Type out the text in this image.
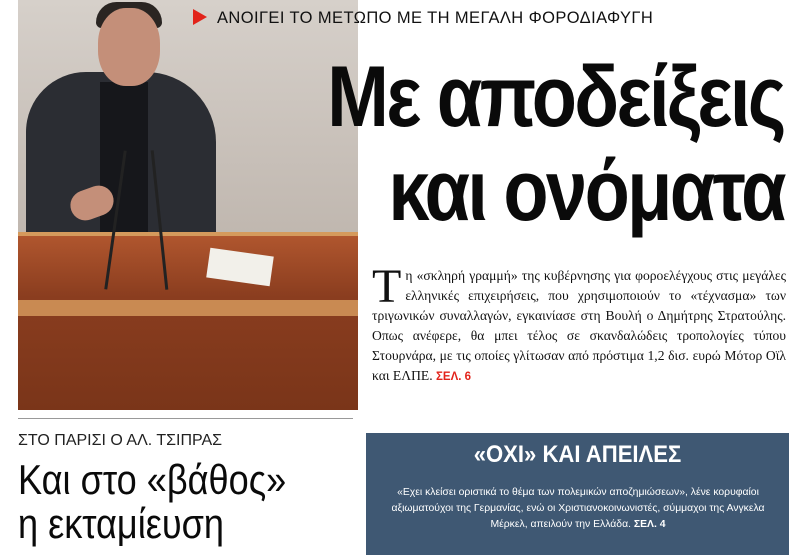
ΑΝΟΙΓΕΙ ΤΟ ΜΕΤΩΠΟ ΜΕ ΤΗ ΜΕΓΑΛΗ ΦΟΡΟΔΙΑΦΥΓΗ
Με αποδείξεις
και ονόματα
Τη «σκληρή γραμμή» της κυβέρνησης για φοροελέγχους στις μεγάλες ελληνικές επιχειρήσεις, που χρησιμοποιούν το «τέχνασμα» των τριγωνικών συναλλαγών, εγκαινίασε στη Βουλή ο Δημήτρης Στρατούλης. Οπως ανέφερε, θα μπει τέλος σε σκανδαλώδεις τροπολογίες τύπου Στουρνάρα, με τις οποίες γλίτωσαν από πρόστιμα 1,2 δισ. ευρώ Μότορ Οϊλ και ΕΛΠΕ. ΣΕΛ. 6
ΣΤΟ ΠΑΡΙΣΙ Ο ΑΛ. ΤΣΙΠΡΑΣ
Και στο «βάθος»
η εκταμίευση
«ΟΧΙ» ΚΑΙ ΑΠΕΙΛΕΣ
«Εχει κλείσει οριστικά το θέμα των πολεμικών αποζημιώσεων», λένε κορυφαίοι αξιωματούχοι της Γερμανίας, ενώ οι Χριστιανοκοινωνιστές, σύμμαχοι της Ανγκελα Μέρκελ, απειλούν την Ελλάδα. ΣΕΛ. 4
